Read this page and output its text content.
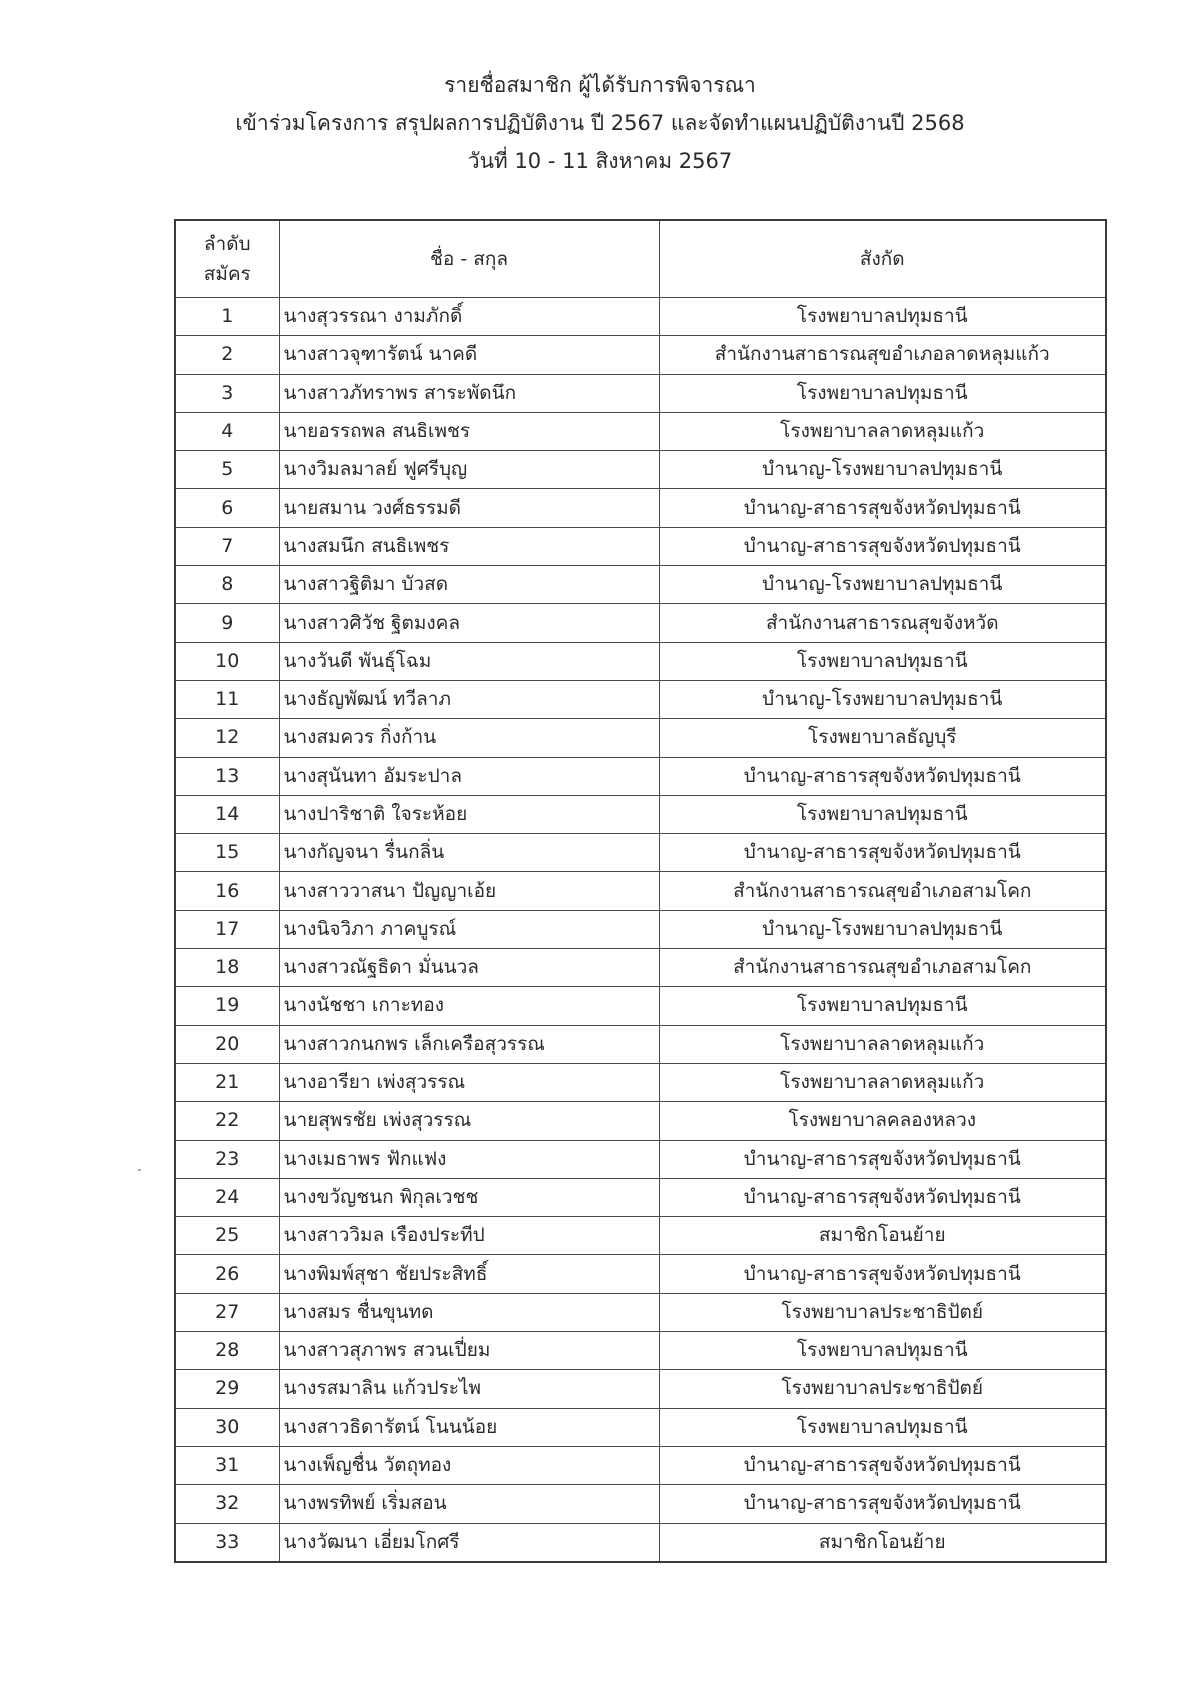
รายชื่อสมาชิก ผู้ได้รับการพิจารณา
เข้าร่วมโครงการ สรุปผลการปฏิบัติงาน ปี 2567 และจัดทำแผนปฏิบัติงานปี 2568
วันที่ 10 - 11 สิงหาคม 2567
ลำดับ
สมัคร	ชื่อ - สกุล	สังกัด
1	นางสุวรรณา งามภักดิ์	โรงพยาบาลปทุมธานี
2	นางสาวจุฑารัตน์ นาคดี	สำนักงานสาธารณสุขอำเภอลาดหลุมแก้ว
3	นางสาวภัทราพร สาระพัดนึก	โรงพยาบาลปทุมธานี
4	นายอรรถพล สนธิเพชร	โรงพยาบาลลาดหลุมแก้ว
5	นางวิมลมาลย์ ฟูศรีบุญ	บำนาญ-โรงพยาบาลปทุมธานี
6	นายสมาน วงศ์ธรรมดี	บำนาญ-สาธารสุขจังหวัดปทุมธานี
7	นางสมนึก สนธิเพชร	บำนาญ-สาธารสุขจังหวัดปทุมธานี
8	นางสาวฐิติมา บัวสด	บำนาญ-โรงพยาบาลปทุมธานี
9	นางสาวศิวัช ฐิตมงคล	สำนักงานสาธารณสุขจังหวัด
10	นางวันดี พันธุ์โฉม	โรงพยาบาลปทุมธานี
11	นางธัญพัฒน์ ทวีลาภ	บำนาญ-โรงพยาบาลปทุมธานี
12	นางสมควร กิ่งก้าน	โรงพยาบาลธัญบุรี
13	นางสุนันทา อัมระปาล	บำนาญ-สาธารสุขจังหวัดปทุมธานี
14	นางปาริชาติ ใจระห้อย	โรงพยาบาลปทุมธานี
15	นางกัญจนา รื่นกลิ่น	บำนาญ-สาธารสุขจังหวัดปทุมธานี
16	นางสาววาสนา ปัญญาเอ้ย	สำนักงานสาธารณสุขอำเภอสามโคก
17	นางนิจวิภา ภาคบูรณ์	บำนาญ-โรงพยาบาลปทุมธานี
18	นางสาวณัฐธิดา มั่นนวล	สำนักงานสาธารณสุขอำเภอสามโคก
19	นางนัชชา เกาะทอง	โรงพยาบาลปทุมธานี
20	นางสาวกนกพร เล็กเครือสุวรรณ	โรงพยาบาลลาดหลุมแก้ว
21	นางอารียา เพ่งสุวรรณ	โรงพยาบาลลาดหลุมแก้ว
22	นายสุพรชัย เพ่งสุวรรณ	โรงพยาบาลคลองหลวง
23	นางเมธาพร ฟักแฟง	บำนาญ-สาธารสุขจังหวัดปทุมธานี
24	นางขวัญชนก พิกุลเวชช	บำนาญ-สาธารสุขจังหวัดปทุมธานี
25	นางสาววิมล เรืองประทีป	สมาชิกโอนย้าย
26	นางพิมพ์สุชา ชัยประสิทธิ์	บำนาญ-สาธารสุขจังหวัดปทุมธานี
27	นางสมร ชื่นขุนทด	โรงพยาบาลประชาธิปัตย์
28	นางสาวสุภาพร สวนเปี่ยม	โรงพยาบาลปทุมธานี
29	นางรสมาลิน แก้วประไพ	โรงพยาบาลประชาธิปัตย์
30	นางสาวธิดารัตน์ โนนน้อย	โรงพยาบาลปทุมธานี
31	นางเพ็ญชื่น วัตถุทอง	บำนาญ-สาธารสุขจังหวัดปทุมธานี
32	นางพรทิพย์ เริ่มสอน	บำนาญ-สาธารสุขจังหวัดปทุมธานี
33	นางวัฒนา เอี่ยมโกศรี	สมาชิกโอนย้าย
